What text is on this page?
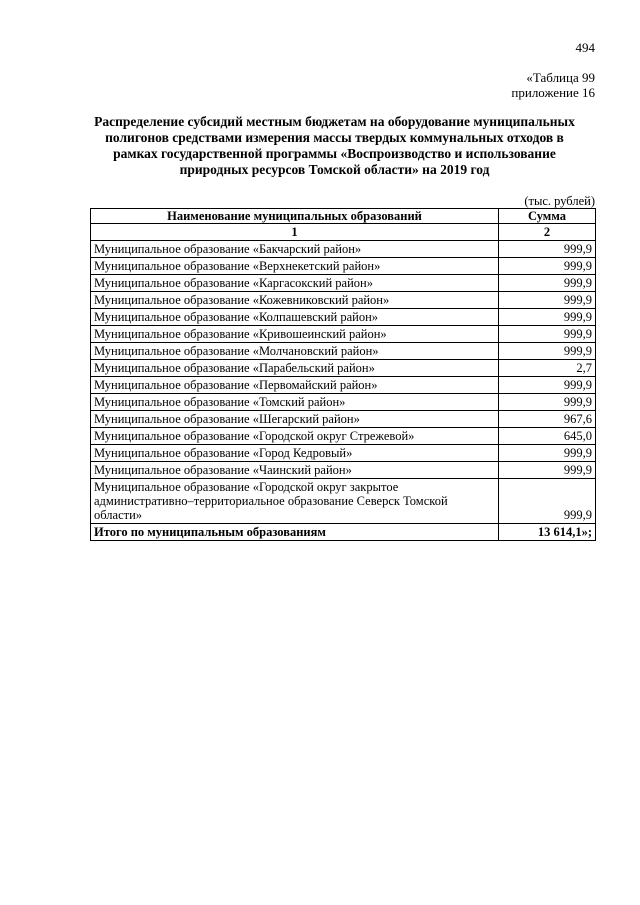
494
«Таблица 99
приложение 16
Распределение субсидий местным бюджетам на оборудование муниципальных полигонов средствами измерения массы твердых коммунальных отходов в рамках государственной программы «Воспроизводство и использование природных ресурсов Томской области» на 2019 год
(тыс. рублей)
Наименование муниципальных образований	Сумма
1	2
Муниципальное образование «Бакчарский район»	999,9
Муниципальное образование «Верхнекетский район»	999,9
Муниципальное образование «Каргасокский район»	999,9
Муниципальное образование «Кожевниковский район»	999,9
Муниципальное образование «Колпашевский район»	999,9
Муниципальное образование «Кривошеинский район»	999,9
Муниципальное образование «Молчановский район»	999,9
Муниципальное образование «Парабельский район»	2,7
Муниципальное образование «Первомайский район»	999,9
Муниципальное образование «Томский район»	999,9
Муниципальное образование «Шегарский район»	967,6
Муниципальное образование «Городской округ Стрежевой»	645,0
Муниципальное образование «Город Кедровый»	999,9
Муниципальное образование «Чаинский район»	999,9
Муниципальное образование «Городской округ закрытое административно–территориальное образование Северск Томской области»	999,9
Итого по муниципальным образованиям	13 614,1»;
